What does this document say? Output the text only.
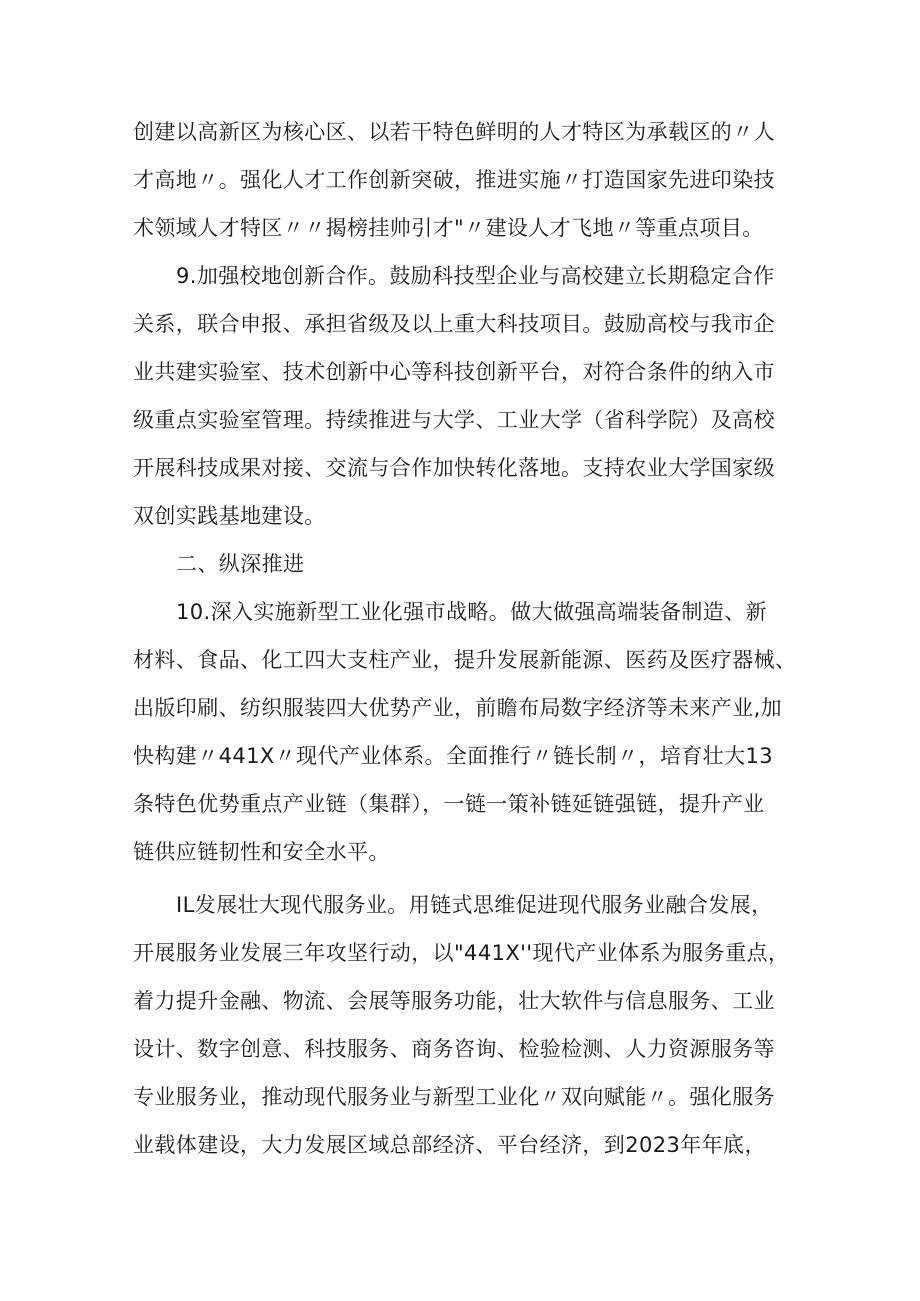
创建以高新区为核心区、以若干特色鲜明的人才特区为承载区的〃人
才高地〃。强化人才工作创新突破，推进实施〃打造国家先进印染技
术领域人才特区〃〃揭榜挂帅引才"〃建设人才飞地〃等重点项目。
9.加强校地创新合作。鼓励科技型企业与高校建立长期稳定合作
关系，联合申报、承担省级及以上重大科技项目。鼓励高校与我市企
业共建实验室、技术创新中心等科技创新平台，对符合条件的纳入市
级重点实验室管理。持续推进与大学、工业大学（省科学院）及高校
开展科技成果对接、交流与合作加快转化落地。支持农业大学国家级
双创实践基地建设。
二、纵深推进
10.深入实施新型工业化强市战略。做大做强高端装备制造、新
材料、食品、化工四大支柱产业，提升发展新能源、医药及医疗器械、
出版印刷、纺织服装四大优势产业，前瞻布局数字经济等未来产业,加
快构建〃441X〃现代产业体系。全面推行〃链长制〃，培育壮大13
条特色优势重点产业链（集群），一链一策补链延链强链，提升产业
链供应链韧性和安全水平。
IL发展壮大现代服务业。用链式思维促进现代服务业融合发展，
开展服务业发展三年攻坚行动，以"441X''现代产业体系为服务重点，
着力提升金融、物流、会展等服务功能，壮大软件与信息服务、工业
设计、数字创意、科技服务、商务咨询、检验检测、人力资源服务等
专业服务业，推动现代服务业与新型工业化〃双向赋能〃。强化服务
业载体建设，大力发展区域总部经济、平台经济，到2023年年底，
